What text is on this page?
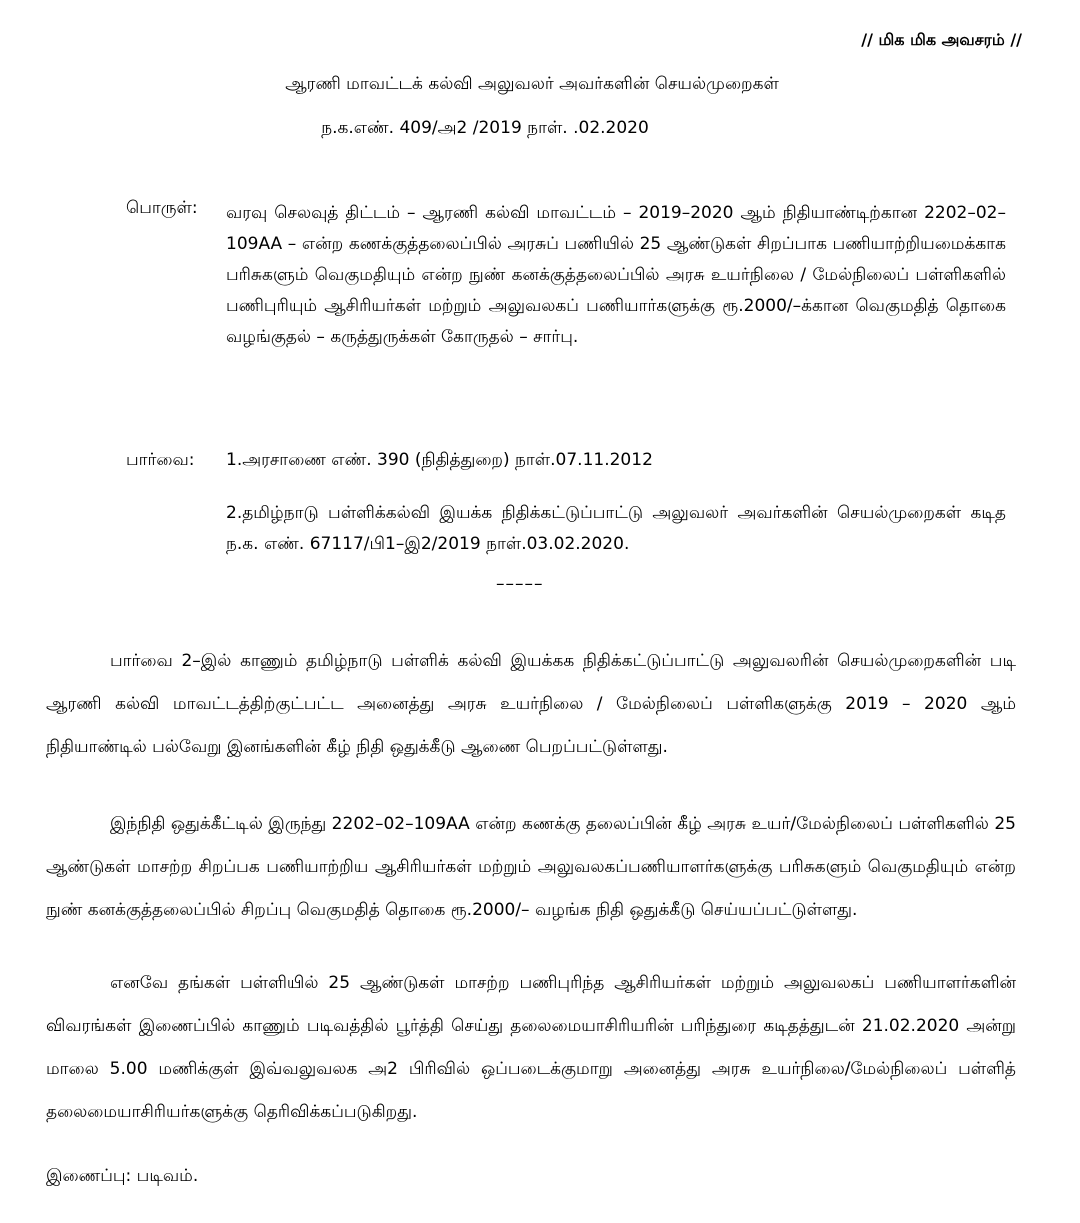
// மிக மிக அவசரம் //
ஆரணி மாவட்டக் கல்வி அலுவலர் அவர்களின் செயல்முறைகள்
ந.க.எண். 409/அ2 /2019 நாள். .02.2020
பொருள்: வரவு செலவுத் திட்டம் – ஆரணி கல்வி மாவட்டம் – 2019–2020 ஆம் நிதியாண்டிற்கான 2202–02–109AA – என்ற கணக்குத்தலைப்பில் அரசுப் பணியில் 25 ஆண்டுகள் சிறப்பாக பணியாற்றியமைக்காக பரிசுகளும் வெகுமதியும் என்ற நுண் கனக்குத்தலைப்பில் அரசு உயர்நிலை / மேல்நிலைப் பள்ளிகளில் பணிபுரியும் ஆசிரியர்கள் மற்றும் அலுவலகப் பணியார்களுக்கு ரூ.2000/–க்கான வெகுமதித் தொகை வழங்குதல் – கருத்துருக்கள் கோருதல் – சார்பு.
பார்வை: 1.அரசாணை எண். 390 (நிதித்துறை) நாள்.07.11.2012
2.தமிழ்நாடு பள்ளிக்கல்வி இயக்க நிதிக்கட்டுப்பாட்டு அலுவலர் அவர்களின் செயல்முறைகள் கடித ந.க. எண். 67117/பி1–இ2/2019 நாள்.03.02.2020.
–––––
பார்வை 2–இல் காணும் தமிழ்நாடு பள்ளிக் கல்வி இயக்கக நிதிக்கட்டுப்பாட்டு அலுவலரின் செயல்முறைகளின் படி ஆரணி கல்வி மாவட்டத்திற்குட்பட்ட அனைத்து அரசு உயர்நிலை / மேல்நிலைப் பள்ளிகளுக்கு 2019 – 2020 ஆம் நிதியாண்டில் பல்வேறு இனங்களின் கீழ் நிதி ஒதுக்கீடு ஆணை பெறப்பட்டுள்ளது.
இந்நிதி ஒதுக்கீட்டில் இருந்து 2202–02–109AA என்ற கணக்கு தலைப்பின் கீழ் அரசு உயர்/மேல்நிலைப் பள்ளிகளில் 25 ஆண்டுகள் மாசற்ற சிறப்பக பணியாற்றிய ஆசிரியர்கள் மற்றும் அலுவலகப்பணியாளர்களுக்கு பரிசுகளும் வெகுமதியும் என்ற நுண் கனக்குத்தலைப்பில் சிறப்பு வெகுமதித் தொகை ரூ.2000/– வழங்க நிதி ஒதுக்கீடு செய்யப்பட்டுள்ளது.
எனவே தங்கள் பள்ளியில் 25 ஆண்டுகள் மாசற்ற பணிபுரிந்த ஆசிரியர்கள் மற்றும் அலுவலகப் பணியாளர்களின் விவரங்கள் இணைப்பில் காணும் படிவத்தில் பூர்த்தி செய்து தலைமையாசிரியரின் பரிந்துரை கடிதத்துடன் 21.02.2020 அன்று மாலை 5.00 மணிக்குள் இவ்வலுவலக அ2 பிரிவில் ஒப்படைக்குமாறு அனைத்து அரசு உயர்நிலை/மேல்நிலைப் பள்ளித் தலைமையாசிரியர்களுக்கு தெரிவிக்கப்படுகிறது.
இணைப்பு: படிவம்.
